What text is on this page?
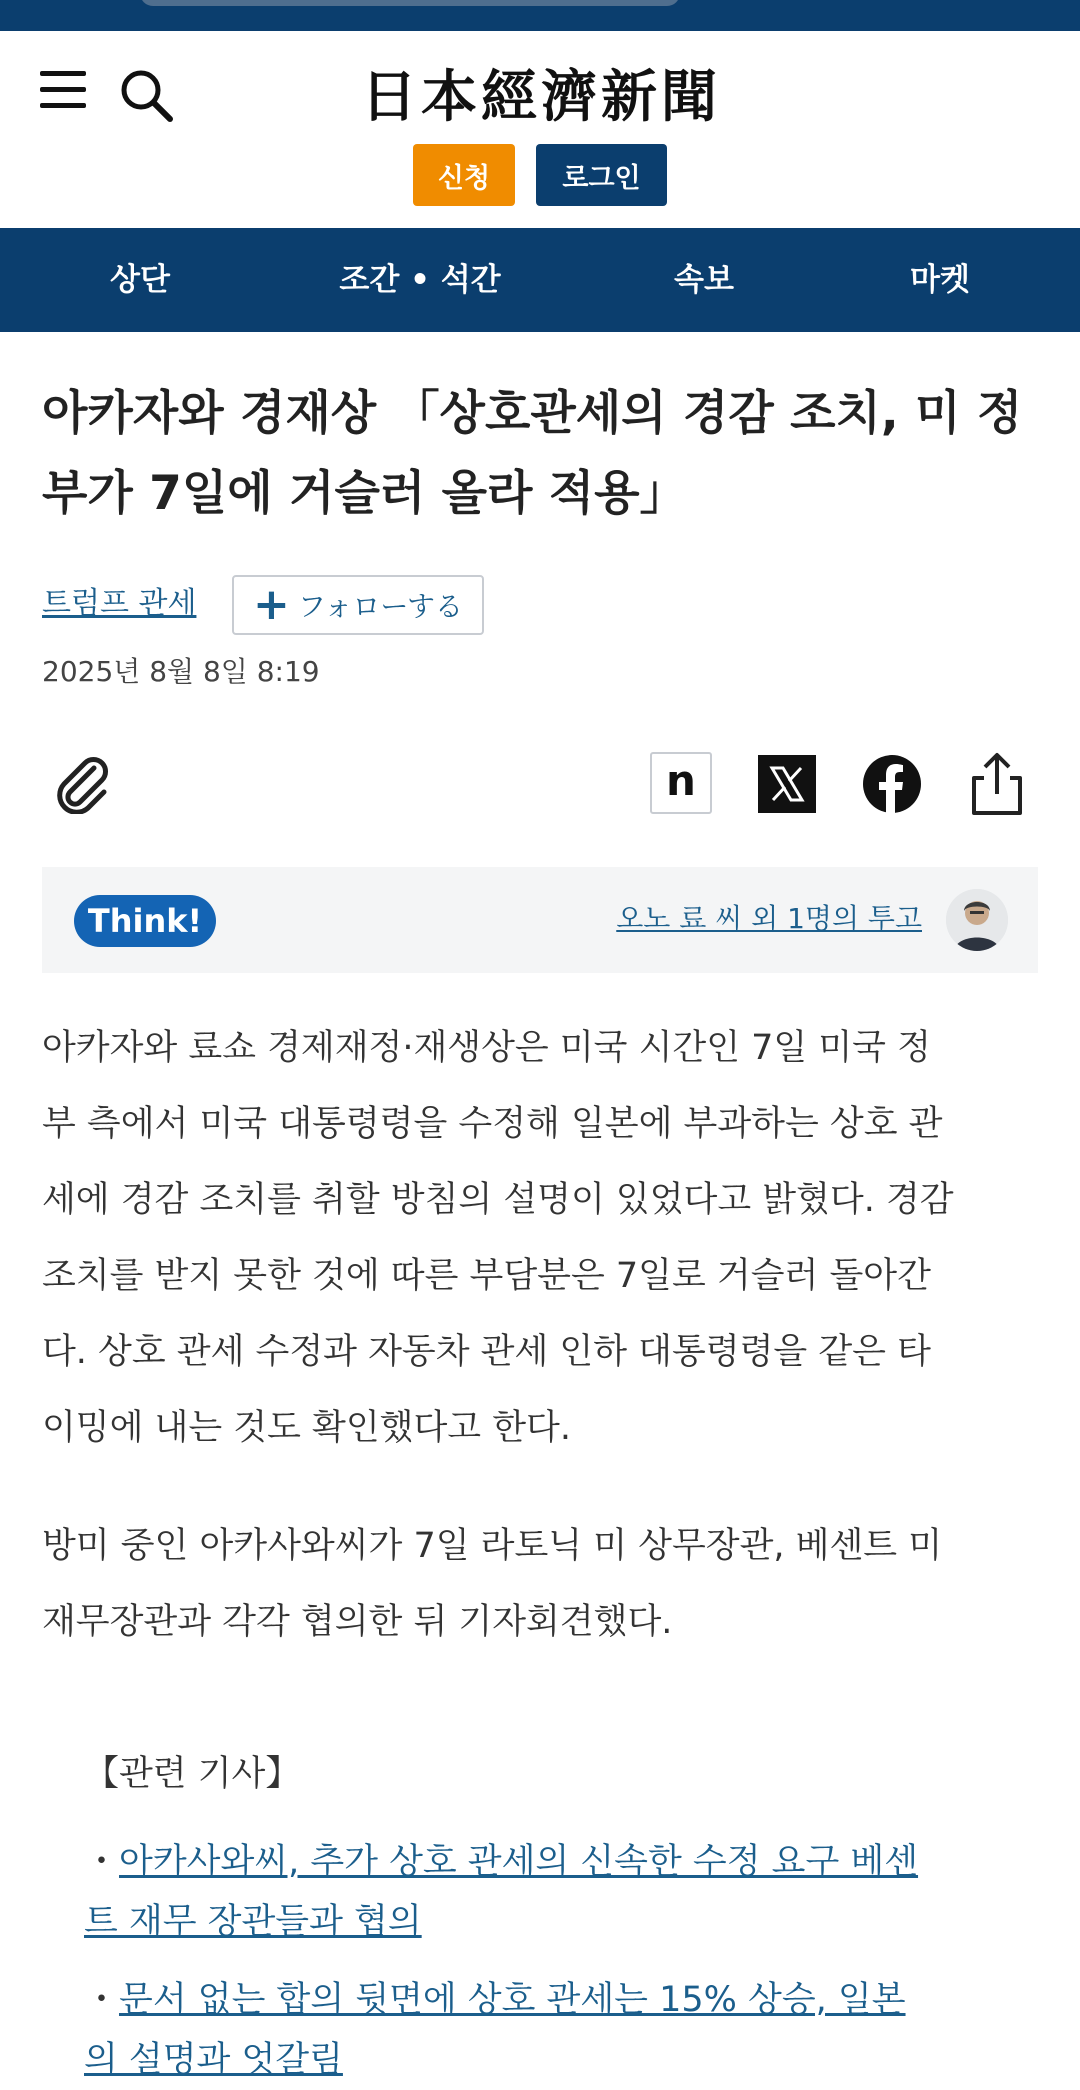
日本經濟新聞
신청	로그인
상단	조간 • 석간	속보	마켓
아카자와 경재상 「상호관세의 경감 조치, 미 정
부가 7일에 거슬러 올라 적용」
트럼프 관세 + フォローする
2025년 8월 8일 8:19
n
Think!	오노 료 씨 외 1명의 투고

아카자와 료쇼 경제재정·재생상은 미국 시간인 7일 미국 정
부 측에서 미국 대통령령을 수정해 일본에 부과하는 상호 관
세에 경감 조치를 취할 방침의 설명이 있었다고 밝혔다. 경감
조치를 받지 못한 것에 따른 부담분은 7일로 거슬러 돌아간
다. 상호 관세 수정과 자동차 관세 인하 대통령령을 같은 타
이밍에 내는 것도 확인했다고 한다.

방미 중인 아카사와씨가 7일 라토닉 미 상무장관, 베센트 미
재무장관과 각각 협의한 뒤 기자회견했다.

【관련 기사】
・아카사와씨, 추가 상호 관세의 신속한 수정 요구 베센
트 재무 장관들과 협의
・문서 없는 합의 뒷면에 상호 관세는 15% 상승, 일본
의 설명과 엇갈림
